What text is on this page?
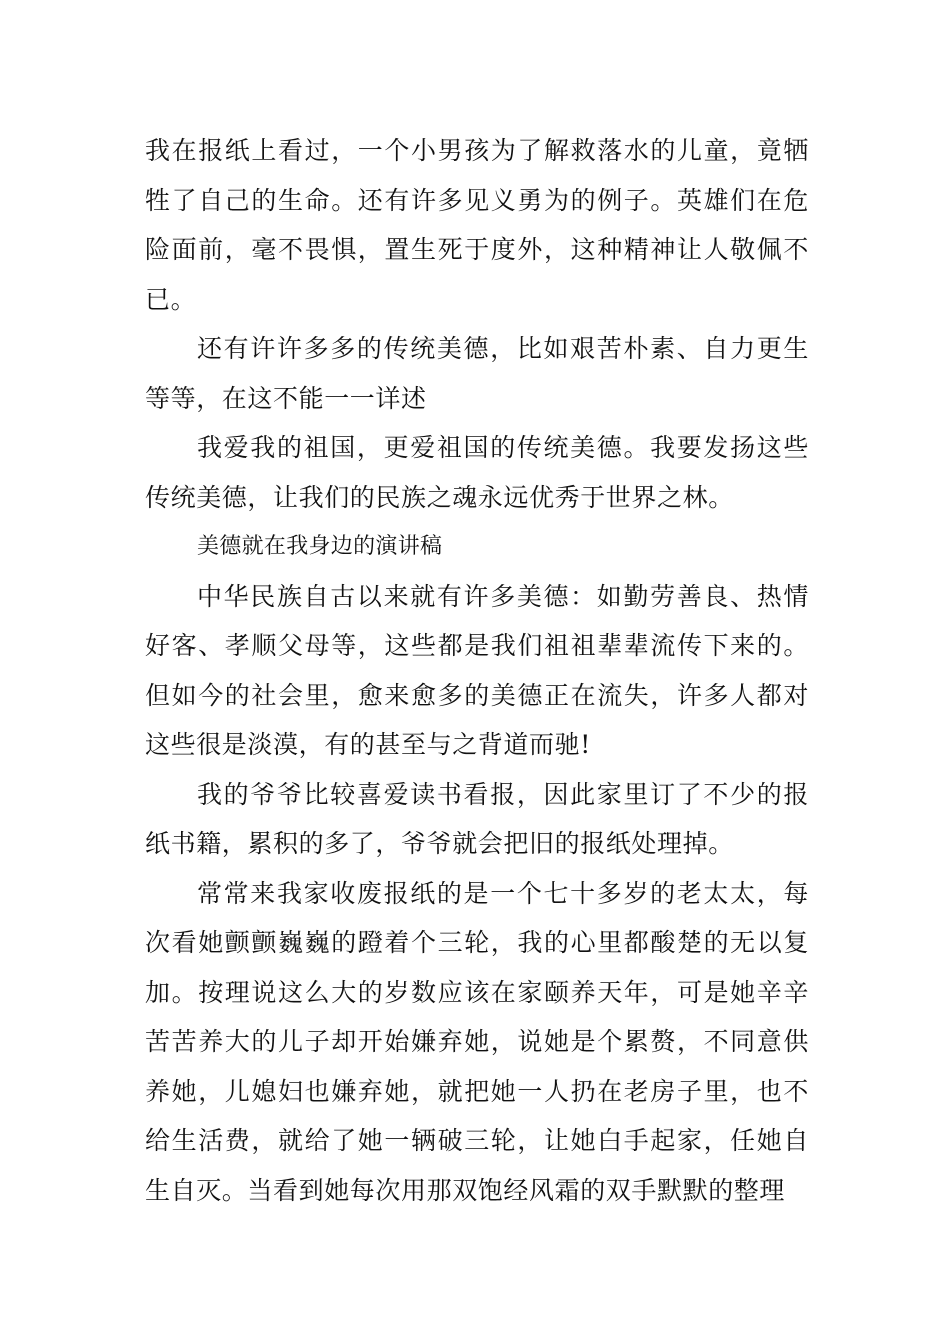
我在报纸上看过，一个小男孩为了解救落水的儿童，竟牺牲了自己的生命。还有许多见义勇为的例子。英雄们在危险面前，毫不畏惧，置生死于度外，这种精神让人敬佩不已。

还有许许多多的传统美德，比如艰苦朴素、自力更生等等，在这不能一一详述

我爱我的祖国，更爱祖国的传统美德。我要发扬这些传统美德，让我们的民族之魂永远优秀于世界之林。

美德就在我身边的演讲稿

中华民族自古以来就有许多美德：如勤劳善良、热情好客、孝顺父母等，这些都是我们祖祖辈辈流传下来的。但如今的社会里，愈来愈多的美德正在流失，许多人都对这些很是淡漠，有的甚至与之背道而驰!

我的爷爷比较喜爱读书看报，因此家里订了不少的报纸书籍，累积的多了，爷爷就会把旧的报纸处理掉。

常常来我家收废报纸的是一个七十多岁的老太太，每次看她颤颤巍巍的蹬着个三轮，我的心里都酸楚的无以复加。按理说这么大的岁数应该在家颐养天年，可是她辛辛苦苦养大的儿子却开始嫌弃她，说她是个累赘，不同意供养她，儿媳妇也嫌弃她，就把她一人扔在老房子里，也不给生活费，就给了她一辆破三轮，让她白手起家，任她自生自灭。当看到她每次用那双饱经风霜的双手默默的整理
